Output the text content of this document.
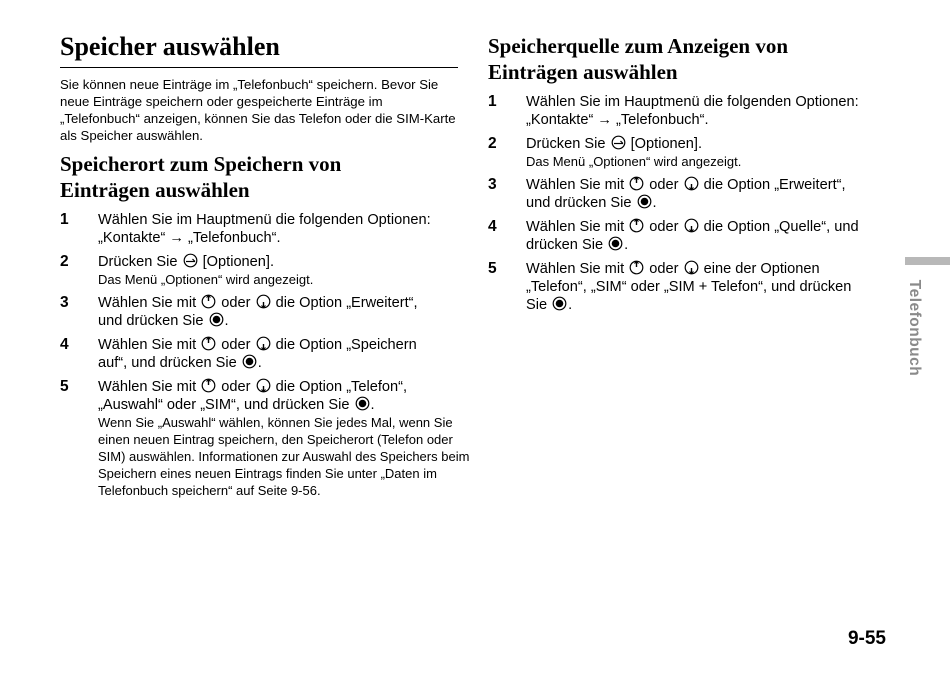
Speicher auswählen
Sie können neue Einträge im „Telefonbuch“ speichern. Bevor Sie neue Einträge speichern oder gespeicherte Einträge im „Telefonbuch“ anzeigen, können Sie das Telefon oder die SIM-Karte als Speicher auswählen.
Speicherort zum Speichern von
Einträgen auswählen
1 Wählen Sie im Hauptmenü die folgenden Optionen:
„Kontakte“ → „Telefonbuch“.
2 Drücken Sie [Optionen].
Das Menü „Optionen“ wird angezeigt.
3 Wählen Sie mit oder die Option „Erweitert“,
und drücken Sie .
4 Wählen Sie mit oder die Option „Speichern
auf“, und drücken Sie .
5 Wählen Sie mit oder die Option „Telefon“,
„Auswahl“ oder „SIM“, und drücken Sie .
Wenn Sie „Auswahl“ wählen, können Sie jedes Mal, wenn Sie einen neuen Eintrag speichern, den Speicherort (Telefon oder SIM) auswählen. Informationen zur Auswahl des Speichers beim Speichern eines neuen Eintrags finden Sie unter „Daten im Telefonbuch speichern“ auf Seite 9-56.
Speicherquelle zum Anzeigen von
Einträgen auswählen
1 Wählen Sie im Hauptmenü die folgenden Optionen:
„Kontakte“ → „Telefonbuch“.
2 Drücken Sie [Optionen].
Das Menü „Optionen“ wird angezeigt.
3 Wählen Sie mit oder die Option „Erweitert“,
und drücken Sie .
4 Wählen Sie mit oder die Option „Quelle“, und
drücken Sie .
5 Wählen Sie mit oder eine der Optionen
„Telefon“, „SIM“ oder „SIM + Telefon“, und drücken
Sie .	Telefonbuch
9-55
